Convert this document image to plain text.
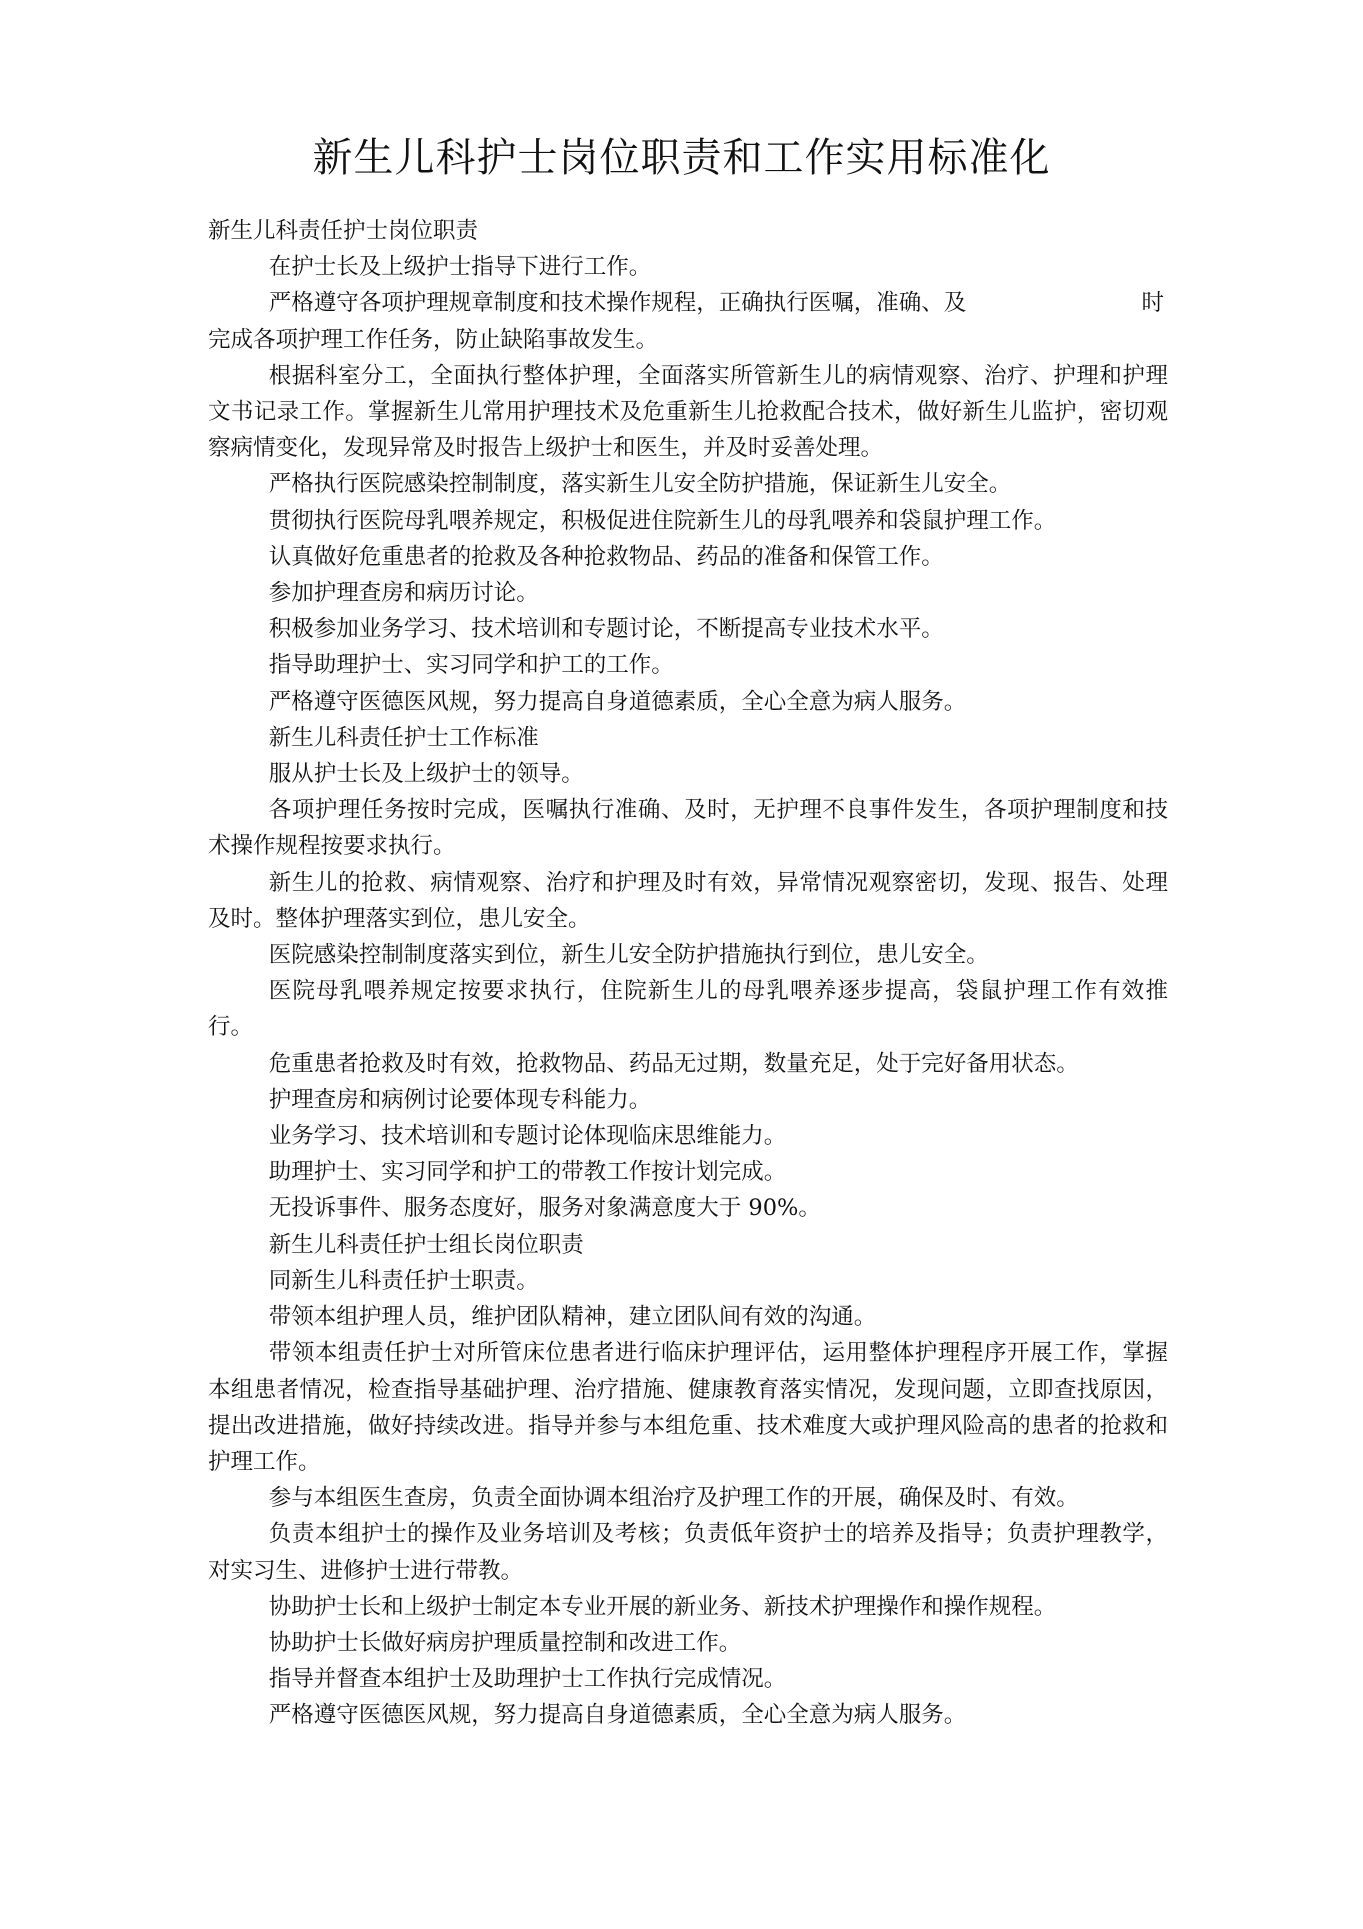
新生儿科护士岗位职责和工作实用标准化

新生儿科责任护士岗位职责

在护士长及上级护士指导下进行工作。

严格遵守各项护理规章制度和技术操作规程，正确执行医嘱，准确、及	时

完成各项护理工作任务，防止缺陷事故发生。

根据科室分工，全面执行整体护理，全面落实所管新生儿的病情观察、治疗、护理和护理文书记录工作。掌握新生儿常用护理技术及危重新生儿抢救配合技术，做好新生儿监护，密切观察病情变化，发现异常及时报告上级护士和医生，并及时妥善处理。

严格执行医院感染控制制度，落实新生儿安全防护措施，保证新生儿安全。

贯彻执行医院母乳喂养规定，积极促进住院新生儿的母乳喂养和袋鼠护理工作。

认真做好危重患者的抢救及各种抢救物品、药品的准备和保管工作。

参加护理查房和病历讨论。

积极参加业务学习、技术培训和专题讨论，不断提高专业技术水平。

指导助理护士、实习同学和护工的工作。

严格遵守医德医风规，努力提高自身道德素质，全心全意为病人服务。

新生儿科责任护士工作标准

服从护士长及上级护士的领导。

各项护理任务按时完成，医嘱执行准确、及时，无护理不良事件发生，各项护理制度和技术操作规程按要求执行。

新生儿的抢救、病情观察、治疗和护理及时有效，异常情况观察密切，发现、报告、处理及时。整体护理落实到位，患儿安全。

医院感染控制制度落实到位，新生儿安全防护措施执行到位，患儿安全。

医院母乳喂养规定按要求执行，住院新生儿的母乳喂养逐步提高，袋鼠护理工作有效推行。

危重患者抢救及时有效，抢救物品、药品无过期，数量充足，处于完好备用状态。

护理查房和病例讨论要体现专科能力。

业务学习、技术培训和专题讨论体现临床思维能力。

助理护士、实习同学和护工的带教工作按计划完成。

无投诉事件、服务态度好，服务对象满意度大于 90%。

新生儿科责任护士组长岗位职责

同新生儿科责任护士职责。

带领本组护理人员，维护团队精神，建立团队间有效的沟通。

带领本组责任护士对所管床位患者进行临床护理评估，运用整体护理程序开展工作，掌握本组患者情况，检查指导基础护理、治疗措施、健康教育落实情况，发现问题，立即查找原因，提出改进措施，做好持续改进。指导并参与本组危重、技术难度大或护理风险高的患者的抢救和护理工作。

参与本组医生查房，负责全面协调本组治疗及护理工作的开展，确保及时、有效。

负责本组护士的操作及业务培训及考核；负责低年资护士的培养及指导；负责护理教学，对实习生、进修护士进行带教。

协助护士长和上级护士制定本专业开展的新业务、新技术护理操作和操作规程。

协助护士长做好病房护理质量控制和改进工作。

指导并督查本组护士及助理护士工作执行完成情况。

严格遵守医德医风规，努力提高自身道德素质，全心全意为病人服务。
